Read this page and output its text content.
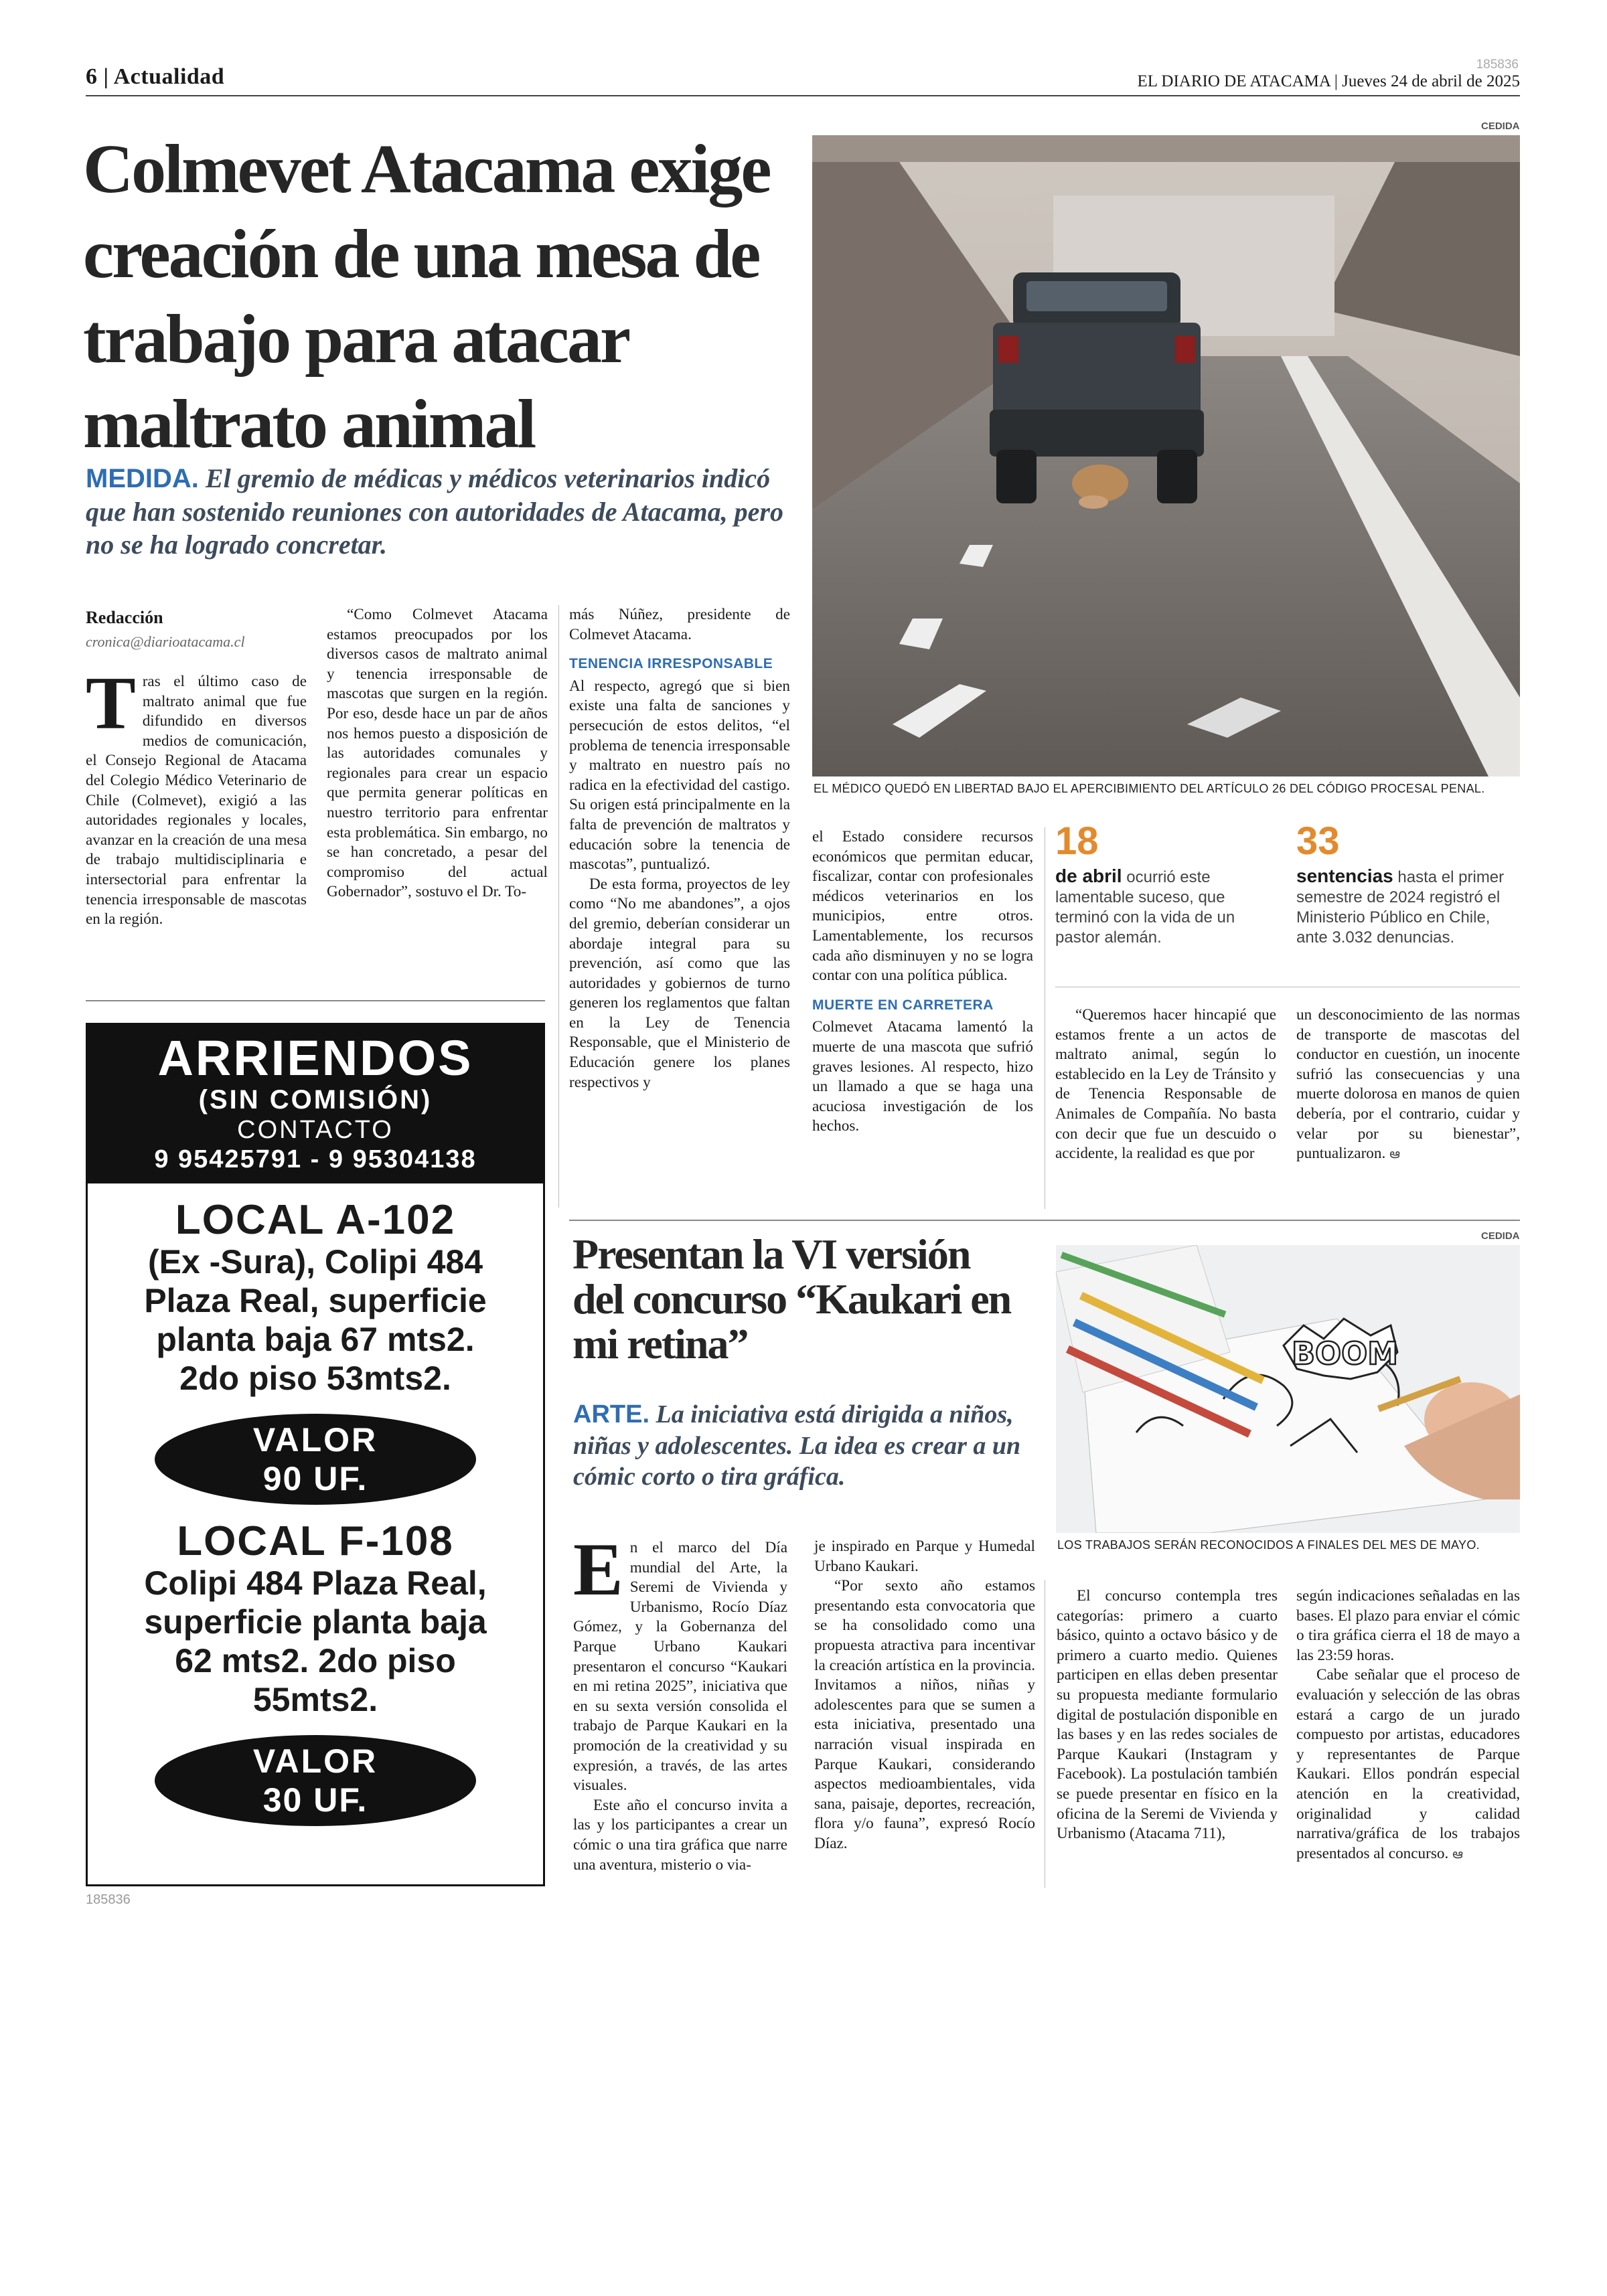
6 | Actualidad	185836
EL DIARIO DE ATACAMA | Jueves 24 de abril de 2025
Colmevet Atacama exige creación de una mesa de trabajo para atacar maltrato animal
MEDIDA. El gremio de médicas y médicos veterinarios indicó que han sostenido reuniones con autoridades de Atacama, pero no se ha logrado concretar.
Redacción
cronica@diarioatacama.cl

Tras el último caso de maltrato animal que fue difundido en diversos medios de comunicación, el Consejo Regional de Atacama del Colegio Médico Veterinario de Chile (Colmevet), exigió a las autoridades regionales y locales, avanzar en la creación de una mesa de trabajo multidisciplinaria e intersectorial para enfrentar la tenencia irresponsable de mascotas en la región.

“Como Colmevet Atacama estamos preocupados por los diversos casos de maltrato animal y tenencia irresponsable de mascotas que surgen en la región. Por eso, desde hace un par de años nos hemos puesto a disposición de las autoridades comunales y regionales para crear un espacio que permita generar políticas en nuestro territorio para enfrentar esta problemática. Sin embargo, no se han concretado, a pesar del compromiso del actual Gobernador”, sostuvo el Dr. To-

más Núñez, presidente de Colmevet Atacama.

TENENCIA IRRESPONSABLE

Al respecto, agregó que si bien existe una falta de sanciones y persecución de estos delitos, “el problema de tenencia irresponsable y maltrato en nuestro país no radica en la efectividad del castigo. Su origen está principalmente en la falta de prevención de maltratos y educación sobre la tenencia de mascotas”, puntualizó.

De esta forma, proyectos de ley como “No me abandones”, a ojos del gremio, deberían considerar un abordaje integral para su prevención, así como que las autoridades y gobiernos de turno generen los reglamentos que faltan en la Ley de Tenencia Responsable, que el Ministerio de Educación genere los planes respectivos y

CEDIDA
EL MÉDICO QUEDÓ EN LIBERTAD BAJO EL APERCIBIMIENTO DEL ARTÍCULO 26 DEL CÓDIGO PROCESAL PENAL.

el Estado considere recursos económicos que permitan educar, fiscalizar, contar con profesionales médicos veterinarios en los municipios, entre otros. Lamentablemente, los recursos cada año disminuyen y no se logra contar con una política pública.

MUERTE EN CARRETERA

Colmevet Atacama lamentó la muerte de una mascota que sufrió graves lesiones. Al respecto, hizo un llamado a que se haga una acuciosa investigación de los hechos.

18
de abril ocurrió este lamentable suceso, que terminó con la vida de un pastor alemán.
33
sentencias hasta el primer semestre de 2024 registró el Ministerio Público en Chile, ante 3.032 denuncias.

“Queremos hacer hincapié que estamos frente a un actos de maltrato animal, según lo establecido en la Ley de Tránsito y de Tenencia Responsable de Animales de Compañía. No basta con decir que fue un descuido o accidente, la realidad es que por

un desconocimiento de las normas de transporte de mascotas del conductor en cuestión, un inocente sufrió las consecuencias y una muerte dolorosa en manos de quien debería, por el contrario, cuidar y velar por su bienestar”, puntualizaron. ఆ

ARRIENDOS
(SIN COMISIÓN)
CONTACTO
9 95425791 - 9 95304138
LOCAL A-102
(Ex -Sura), Colipi 484
Plaza Real, superficie
planta baja 67 mts2.
2do piso 53mts2.
VALOR
90 UF.
LOCAL F-108
Colipi 484 Plaza Real,
superficie planta baja
62 mts2. 2do piso
55mts2.
VALOR
30 UF.
185836
Presentan la VI versión del concurso “Kaukari en mi retina”
ARTE. La iniciativa está dirigida a niños, niñas y adolescentes. La idea es crear a un cómic corto o tira gráfica.
BOOM
CEDIDA
LOS TRABAJOS SERÁN RECONOCIDOS A FINALES DEL MES DE MAYO.

En el marco del Día mundial del Arte, la Seremi de Vivienda y Urbanismo, Rocío Díaz Gómez, y la Gobernanza del Parque Urbano Kaukari presentaron el concurso “Kaukari en mi retina 2025”, iniciativa que en su sexta versión consolida el trabajo de Parque Kaukari en la promoción de la creatividad y su expresión, a través, de las artes visuales.

Este año el concurso invita a las y los participantes a crear un cómic o una tira gráfica que narre una aventura, misterio o via-

je inspirado en Parque y Humedal Urbano Kaukari.

“Por sexto año estamos presentando esta convocatoria que se ha consolidado como una propuesta atractiva para incentivar la creación artística en la provincia. Invitamos a niños, niñas y adolescentes para que se sumen a esta iniciativa, presentado una narración visual inspirada en Parque Kaukari, considerando aspectos medioambientales, vida sana, paisaje, deportes, recreación, flora y/o fauna”, expresó Rocío Díaz.

El concurso contempla tres categorías: primero a cuarto básico, quinto a octavo básico y de primero a cuarto medio. Quienes participen en ellas deben presentar su propuesta mediante formulario digital de postulación disponible en las bases y en las redes sociales de Parque Kaukari (Instagram y Facebook). La postulación también se puede presentar en físico en la oficina de la Seremi de Vivienda y Urbanismo (Atacama 711),

según indicaciones señaladas en las bases. El plazo para enviar el cómic o tira gráfica cierra el 18 de mayo a las 23:59 horas.

Cabe señalar que el proceso de evaluación y selección de las obras estará a cargo de un jurado compuesto por artistas, educadores y representantes de Parque Kaukari. Ellos pondrán especial atención en la creatividad, originalidad y calidad narrativa/gráfica de los trabajos presentados al concurso. ఆ
